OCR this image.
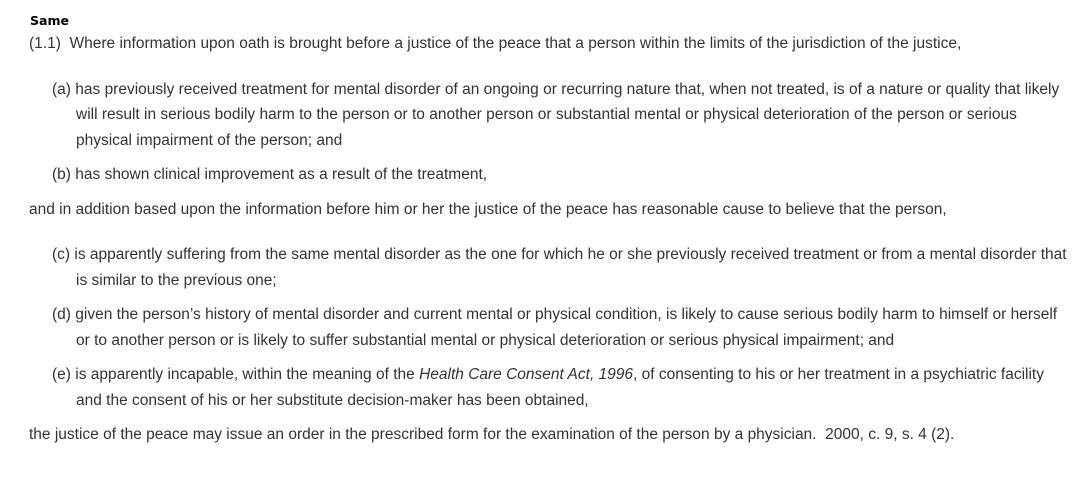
Same

(1.1) Where information upon oath is brought before a justice of the peace that a person within the limits of the jurisdiction of the justice,

(a) has previously received treatment for mental disorder of an ongoing or recurring nature that, when not treated, is of a nature or quality that likely will result in serious bodily harm to the person or to another person or substantial mental or physical deterioration of the person or serious physical impairment of the person; and

(b) has shown clinical improvement as a result of the treatment,

and in addition based upon the information before him or her the justice of the peace has reasonable cause to believe that the person,

(c) is apparently suffering from the same mental disorder as the one for which he or she previously received treatment or from a mental disorder that is similar to the previous one;

(d) given the person’s history of mental disorder and current mental or physical condition, is likely to cause serious bodily harm to himself or herself or to another person or is likely to suffer substantial mental or physical deterioration or serious physical impairment; and

(e) is apparently incapable, within the meaning of the Health Care Consent Act, 1996, of consenting to his or her treatment in a psychiatric facility and the consent of his or her substitute decision-maker has been obtained,

the justice of the peace may issue an order in the prescribed form for the examination of the person by a physician. 2000, c. 9, s. 4 (2).
